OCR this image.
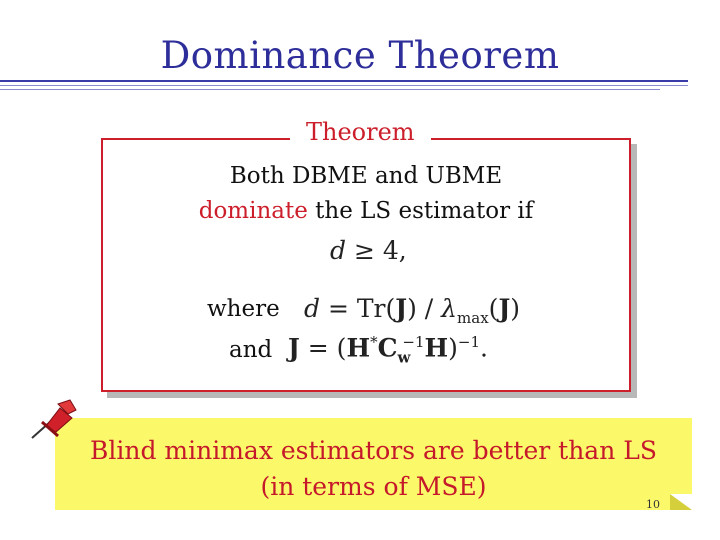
Dominance Theorem
Theorem
Both DBME and UBME
dominate the LS estimator if
d ≥ 4,
where $d = Tr(J) / \lambda_{max}(J)$
and $J = (H^*C_w^{-1}H)^{-1}$.
Blind minimax estimators are better than LS
(in terms of MSE)
10
